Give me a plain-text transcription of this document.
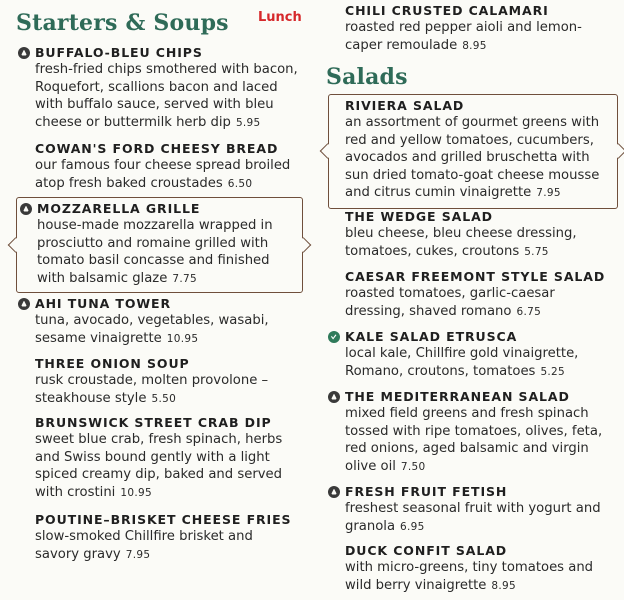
Starters & Soups	Lunch
BUFFALO-BLEU CHIPS
fresh-fried chips smothered with bacon, Roquefort, scallions bacon and laced with buffalo sauce, served with bleu cheese or buttermilk herb dip 5.95
COWAN'S FORD CHEESY BREAD
our famous four cheese spread broiled atop fresh baked croustades 6.50
MOZZARELLA GRILLE
house-made mozzarella wrapped in prosciutto and romaine grilled with tomato basil concasse and finished with balsamic glaze 7.75
AHI TUNA TOWER
tuna, avocado, vegetables, wasabi, sesame vinaigrette 10.95
THREE ONION SOUP
rusk croustade, molten provolone – steakhouse style 5.50
BRUNSWICK STREET CRAB DIP
sweet blue crab, fresh spinach, herbs and Swiss bound gently with a light spiced creamy dip, baked and served with crostini 10.95
POUTINE–BRISKET CHEESE FRIES
slow-smoked Chillfire brisket and savory gravy 7.95
CHILI CRUSTED CALAMARI
roasted red pepper aioli and lemon-caper remoulade 8.95
Salads
RIVIERA SALAD
an assortment of gourmet greens with red and yellow tomatoes, cucumbers, avocados and grilled bruschetta with sun dried tomato-goat cheese mousse and citrus cumin vinaigrette 7.95
THE WEDGE SALAD
bleu cheese, bleu cheese dressing, tomatoes, cukes, croutons 5.75
CAESAR FREEMONT STYLE SALAD
roasted tomatoes, garlic-caesar dressing, shaved romano 6.75
KALE SALAD ETRUSCA
local kale, Chillfire gold vinaigrette, Romano, croutons, tomatoes 5.25
THE MEDITERRANEAN SALAD
mixed field greens and fresh spinach tossed with ripe tomatoes, olives, feta, red onions, aged balsamic and virgin olive oil 7.50
FRESH FRUIT FETISH
freshest seasonal fruit with yogurt and granola 6.95
DUCK CONFIT SALAD
with micro-greens, tiny tomatoes and wild berry vinaigrette 8.95
